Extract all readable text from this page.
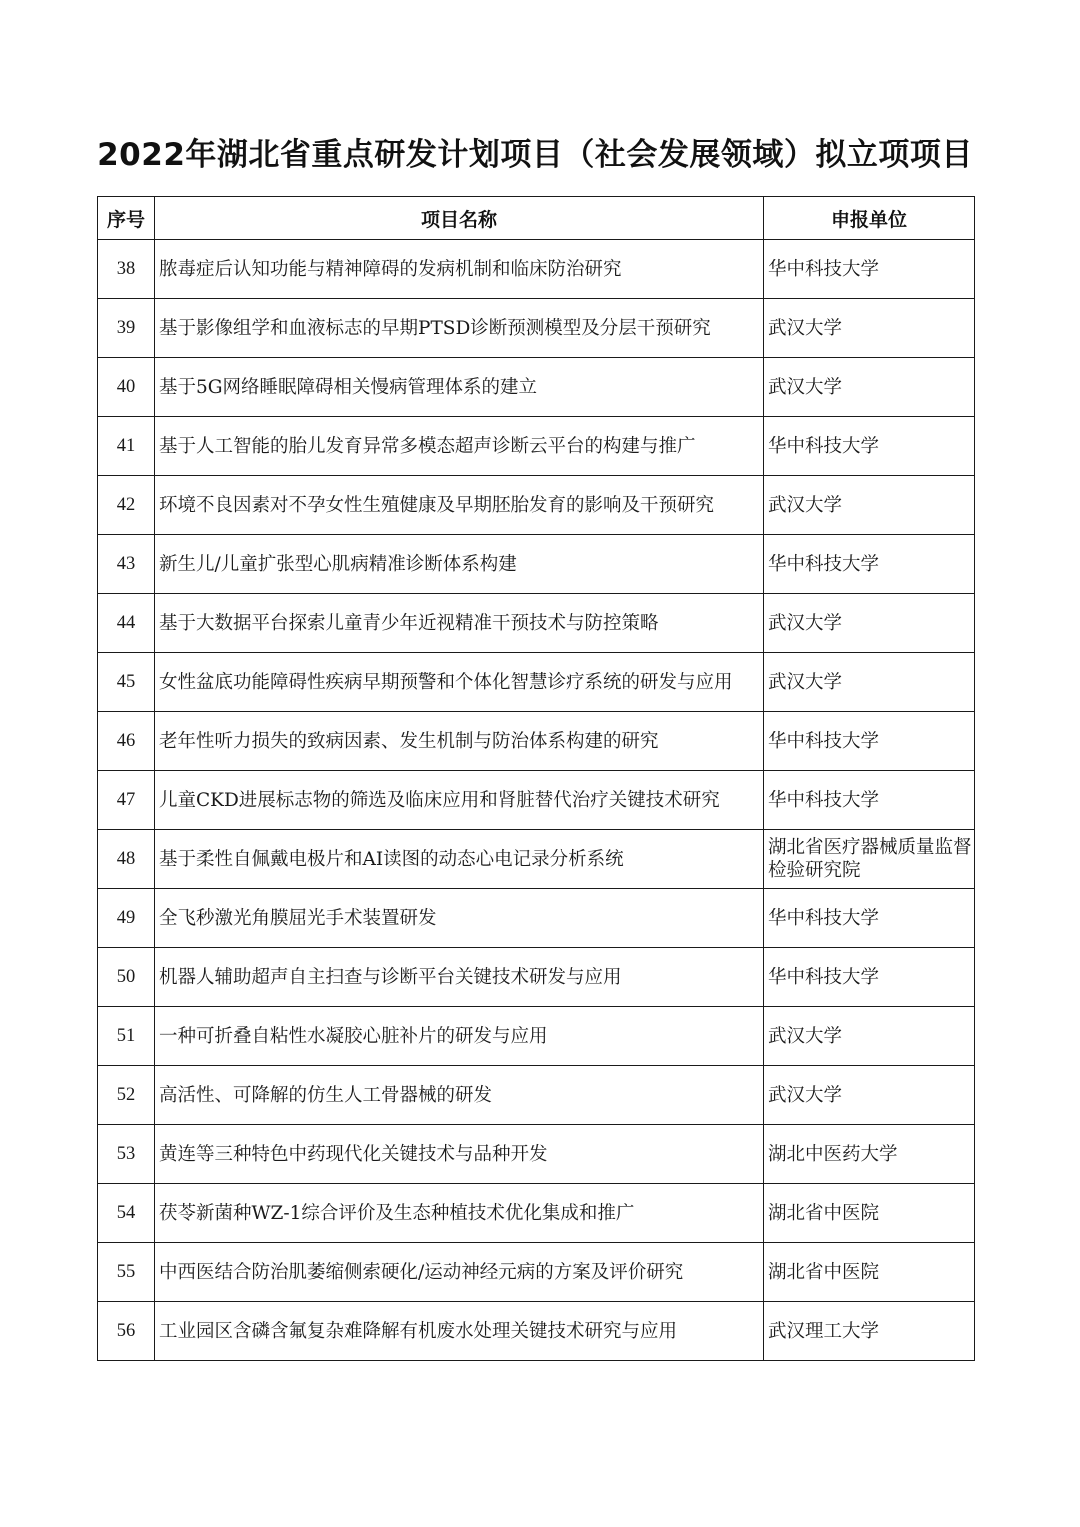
2022年湖北省重点研发计划项目（社会发展领域）拟立项项目
序号	项目名称	申报单位
38	脓毒症后认知功能与精神障碍的发病机制和临床防治研究	华中科技大学
39	基于影像组学和血液标志的早期PTSD诊断预测模型及分层干预研究	武汉大学
40	基于5G网络睡眠障碍相关慢病管理体系的建立	武汉大学
41	基于人工智能的胎儿发育异常多模态超声诊断云平台的构建与推广	华中科技大学
42	环境不良因素对不孕女性生殖健康及早期胚胎发育的影响及干预研究	武汉大学
43	新生儿/儿童扩张型心肌病精准诊断体系构建	华中科技大学
44	基于大数据平台探索儿童青少年近视精准干预技术与防控策略	武汉大学
45	女性盆底功能障碍性疾病早期预警和个体化智慧诊疗系统的研发与应用	武汉大学
46	老年性听力损失的致病因素、发生机制与防治体系构建的研究	华中科技大学
47	儿童CKD进展标志物的筛选及临床应用和肾脏替代治疗关键技术研究	华中科技大学
48	基于柔性自佩戴电极片和AI读图的动态心电记录分析系统	湖北省医疗器械质量监督检验研究院
49	全飞秒激光角膜屈光手术装置研发	华中科技大学
50	机器人辅助超声自主扫查与诊断平台关键技术研发与应用	华中科技大学
51	一种可折叠自粘性水凝胶心脏补片的研发与应用	武汉大学
52	高活性、可降解的仿生人工骨器械的研发	武汉大学
53	黄连等三种特色中药现代化关键技术与品种开发	湖北中医药大学
54	茯苓新菌种WZ-1综合评价及生态种植技术优化集成和推广	湖北省中医院
55	中西医结合防治肌萎缩侧索硬化/运动神经元病的方案及评价研究	湖北省中医院
56	工业园区含磷含氟复杂难降解有机废水处理关键技术研究与应用	武汉理工大学
